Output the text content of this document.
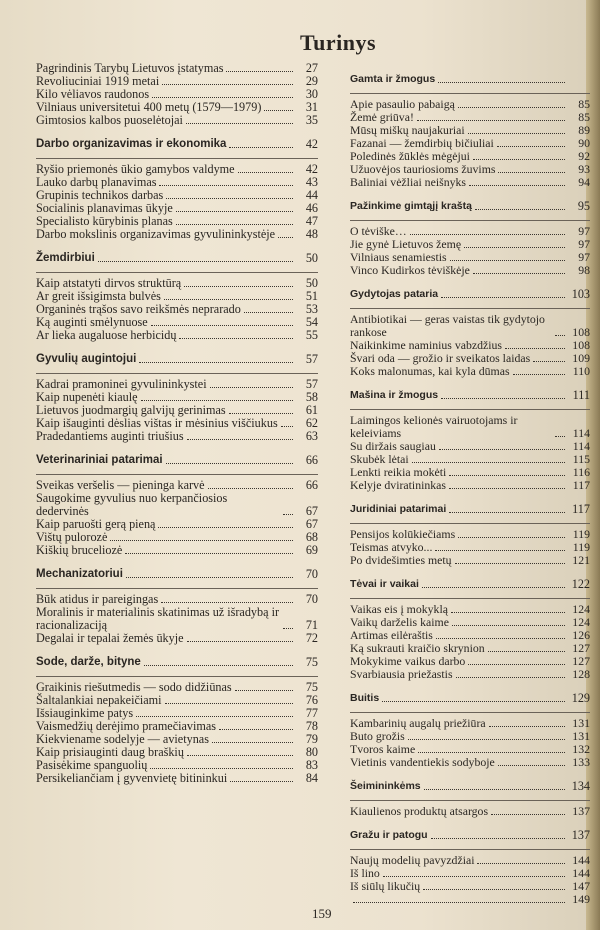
Turinys
Pagrindinis Tarybų Lietuvos įstatymas	27
Revoliuciniai 1919 metai	29
Kilo vėliavos raudonos	30
Vilniaus universitetui 400 metų (1579—1979)	31
Gimtosios kalbos puoselėtojai	35
Darbo organizavimas ir ekonomika	42
Ryšio priemonės ūkio gamybos valdyme	42
Lauko darbų planavimas	43
Grupinis technikos darbas	44
Socialinis planavimas ūkyje	46
Specialisto kūrybinis planas	47
Darbo mokslinis organizavimas gyvulininkystėje	48
Žemdirbiui	50
Kaip atstatyti dirvos struktūrą	50
Ar greit išsigimsta bulvės	51
Organinės trąšos savo reikšmės nepraradо	53
Ką auginti smėlynuose	54
Ar lieka augaluose herbicidų	55
Gyvulių augintojui	57
Kadrai pramoninei gyvulininkystei	57
Kaip nupenėti kiaulę	58
Lietuvos juodmargių galvijų gerinimas	61
Kaip išauginti dėslias vištas ir mėsinius viščiukus	62
Pradedantiems auginti triušius	63
Veterinariniai patarimai	66
Sveikas veršelis — pieninga karvė	66
Saugokime gyvulius nuo kerpančiosios dedervinės	67
Kaip paruošti gerą pieną	67
Vištų pulorozė	68
Kiškių bruceliozė	69
Mechanizatoriui	70
Būk atidus ir pareigingas	70
Moralinis ir materialinis skatinimas už išradybą ir racionalizaciją	71
Degalai ir tepalai žemės ūkyje	72
Sode, darže, bityne	75
Graikinis riešutmedis — sodo didžiūnas	75
Šaltalankiai nepakeičiami	76
Išsiauginkime patys	77
Vaismedžių derėjimo pramečiavimas	78
Kiekviename sodelyje — avietynas	79
Kaip prisiauginti daug braškių	80
Pasisėkime spanguolių	83
Persikeliančiam į gyvenvietę bitininkui	84
Gamta ir žmogus
Apie pasaulio pabaigą	85
Žemė griūva!	85
Mūsų miškų naujakuriai	89
Fazanai — žemdirbių bičiuliai	90
Poledinės žūklės mėgėjui	92
Užuovėjos tauriosioms žuvims	93
Baliniai vėžliai neišnyks	94
Pažinkime gimtąjį kraštą	95
O tėviške…	97
Jie gynė Lietuvos žemę	97
Vilniaus senamiestis	97
Vinco Kudirkos tėviškėje	98
Gydytojas pataria	103
Antibiotikai — geras vaistas tik gydytojo rankose	108
Naikinkime naminius vabzdžius	108
Švari oda — grožio ir sveikatos laidas	109
Koks malonumas, kai kyla dūmas	110
Mašina ir žmogus	111
Laimingos kelionės vairuotojams ir keleiviams	114
Su diržais saugiau	114
Skubėk lėtai	115
Lenkti reikia mokėti	116
Kelyje dviratininkas	117
Juridiniai patarimai	117
Pensijos kolūkiečiams	119
Teismas atvyko...	119
Po dvidešimties metų	121
Tėvai ir vaikai	122
Vaikas eis į mokyklą	124
Vaikų darželis kaime	124
Artimas eilėraštis	126
Ką sukrauti kraičio skrynion	127
Mokykime vaikus darbo	127
Svarbiausia priežastis	128
Buitis	129
Kambarinių augalų priežiūra	131
Buto grožis	131
Tvoros kaime	132
Vietinis vandentiekis sodyboje	133
Šeimininkėms	134
Kiaulienos produktų atsargos	137
Gražu ir patogu	137
Naujų modelių pavyzdžiai	144
Iš lino	144
Iš siūlų likučių	147
149
159
